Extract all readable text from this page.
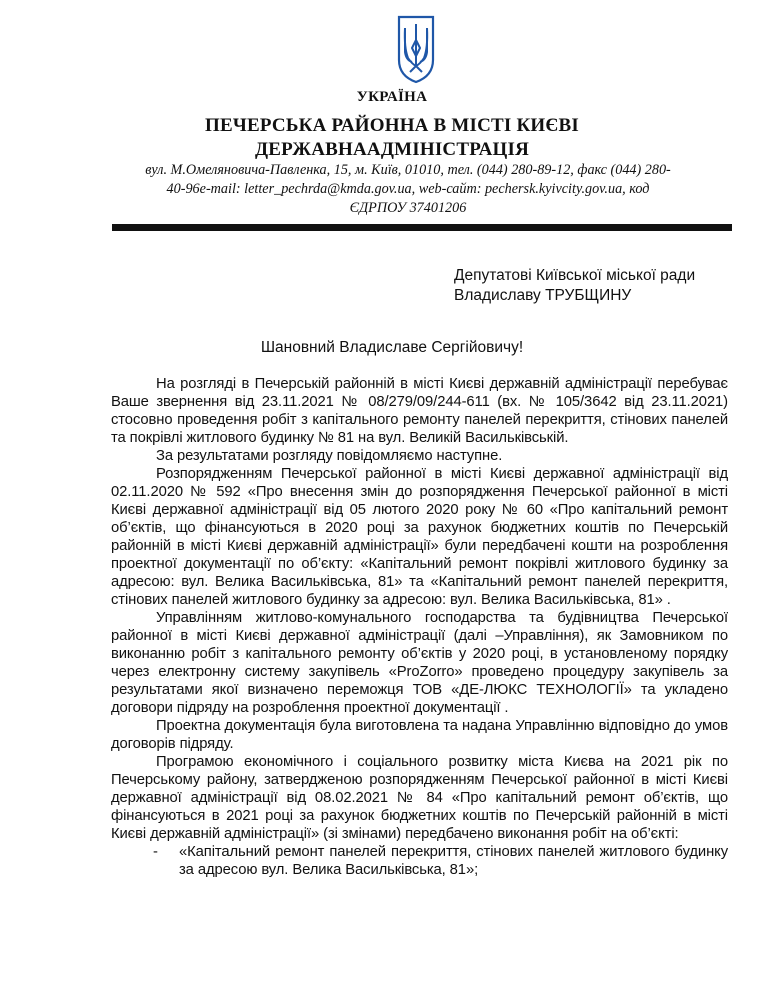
УКРАЇНА
ПЕЧЕРСЬКА РАЙОННА В МІСТІ КИЄВІ
ДЕРЖАВНААДМІНІСТРАЦІЯ
вул. М.Омеляновича-Павленка, 15, м. Київ, 01010, тел. (044) 280-89-12, факс (044) 280-
40-96e-mail: letter_pechrda@kmda.gov.ua, web-сайт: pechersk.kyivcity.gov.ua, код
ЄДРПОУ 37401206
Депутатові Київської міської ради
Владиславу ТРУБЩИНУ
Шановний Владиславе Сергійовичу!

На розгляді в Печерській районній в місті Києві державній адміністрації перебуває Ваше звернення від 23.11.2021 № 08/279/09/244-611 (вх. № 105/3642 від 23.11.2021) стосовно проведення робіт з капітального ремонту панелей перекриття, стінових панелей та покрівлі житлового будинку № 81 на вул. Великій Васильківській.

За результатами розгляду повідомляємо наступне.

Розпорядженням Печерської районної в місті Києві державної адміністрації від 02.11.2020 № 592 «Про внесення змін до розпорядження Печерської районної в місті Києві державної адміністрації від 05 лютого 2020 року № 60 «Про капітальний ремонт об’єктів, що фінансуються в 2020 році за рахунок бюджетних коштів по Печерській районній в місті Києві державній адміністрації» були передбачені кошти на розроблення проектної документації по об’єкту: «Капітальний ремонт покрівлі житлового будинку за адресою: вул. Велика Васильківська, 81» та «Капітальний ремонт панелей перекриття, стінових панелей житлового будинку за адресою: вул. Велика Васильківська, 81» .

Управлінням житлово-комунального господарства та будівництва Печерської районної в місті Києві державної адміністрації (далі –Управління), як Замовником по виконанню робіт з капітального ремонту об’єктів у 2020 році, в установленому порядку через електронну систему закупівель «ProZorro» проведено процедуру закупівель за результатами якої визначено переможця ТОВ «ДЕ-ЛЮКС ТЕХНОЛОГІЇ» та укладено договори підряду на розроблення проектної документації .

Проектна документація була виготовлена та надана Управлінню відповідно до умов договорів підряду.

Програмою економічного і соціального розвитку міста Києва на 2021 рік по Печерському району, затвердженою розпорядженням Печерської районної в місті Києві державної адміністрації від 08.02.2021 № 84 «Про капітальний ремонт об’єктів, що фінансуються в 2021 році за рахунок бюджетних коштів по Печерській районній в місті Києві державній адміністрації» (зі змінами) передбачено виконання робіт на об’єкті:

- «Капітальний ремонт панелей перекриття, стінових панелей житлового будинку за адресою вул. Велика Васильківська, 81»;
